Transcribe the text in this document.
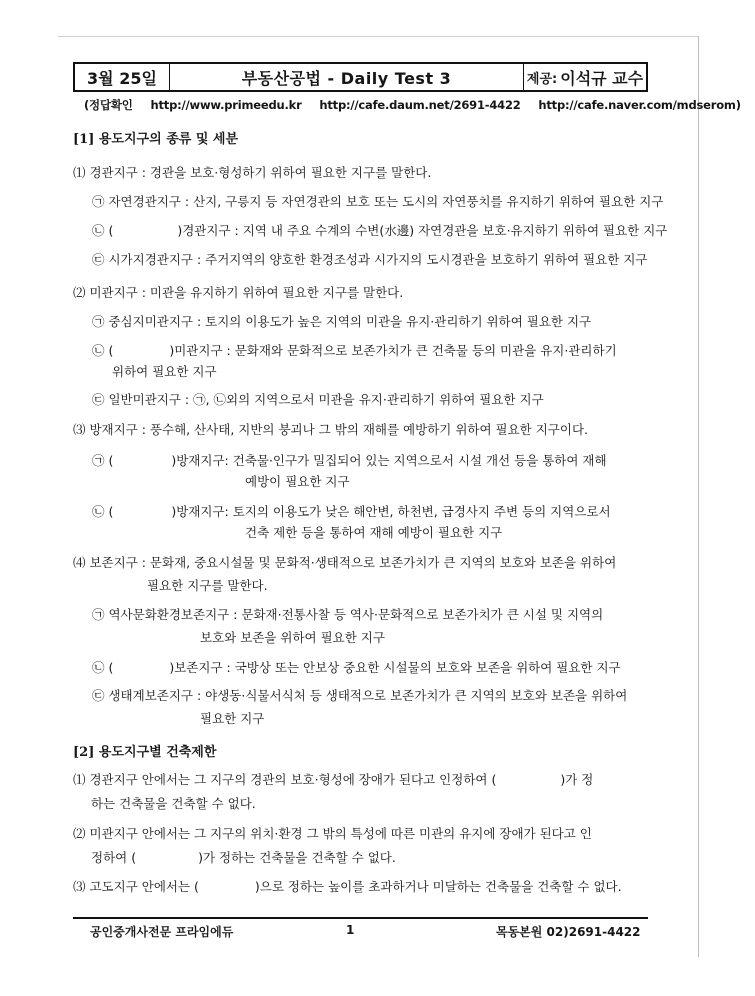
3월 25일	부동산공법 - Daily Test 3	제공: 이석규 교수
(정답확인 http://www.primeedu.kr http://cafe.daum.net/2691-4422 http://cafe.naver.com/mdserom)
[1] 용도지구의 종류 및 세분
⑴ 경관지구 : 경관을 보호·형성하기 위하여 필요한 지구를 말한다.
㉠ 자연경관지구 : 산지, 구릉지 등 자연경관의 보호 또는 도시의 자연풍치를 유지하기 위하여 필요한 지구
㉡ (	)경관지구 : 지역 내 주요 수계의 수변(水邊) 자연경관을 보호·유지하기 위하여 필요한 지구
㉢ 시가지경관지구 : 주거지역의 양호한 환경조성과 시가지의 도시경관을 보호하기 위하여 필요한 지구
⑵ 미관지구 : 미관을 유지하기 위하여 필요한 지구를 말한다.
㉠ 중심지미관지구 : 토지의 이용도가 높은 지역의 미관을 유지·관리하기 위하여 필요한 지구
㉡ (	)미관지구 : 문화재와 문화적으로 보존가치가 큰 건축물 등의 미관을 유지·관리하기
위하여 필요한 지구
㉢ 일반미관지구 : ㉠, ㉡외의 지역으로서 미관을 유지·관리하기 위하여 필요한 지구
⑶ 방재지구 : 풍수해, 산사태, 지반의 붕괴나 그 밖의 재해를 예방하기 위하여 필요한 지구이다.
㉠ (	)방재지구: 건축물·인구가 밀집되어 있는 지역으로서 시설 개선 등을 통하여 재해
예방이 필요한 지구
㉡ (	)방재지구: 토지의 이용도가 낮은 해안변, 하천변, 급경사지 주변 등의 지역으로서
건축 제한 등을 통하여 재해 예방이 필요한 지구
⑷ 보존지구 : 문화재, 중요시설물 및 문화적·생태적으로 보존가치가 큰 지역의 보호와 보존을 위하여
필요한 지구를 말한다.
㉠ 역사문화환경보존지구 : 문화재·전통사찰 등 역사·문화적으로 보존가치가 큰 시설 및 지역의
보호와 보존을 위하여 필요한 지구
㉡ (	)보존지구 : 국방상 또는 안보상 중요한 시설물의 보호와 보존을 위하여 필요한 지구
㉢ 생태계보존지구 : 야생동·식물서식처 등 생태적으로 보존가치가 큰 지역의 보호와 보존을 위하여
필요한 지구
[2] 용도지구별 건축제한
⑴ 경관지구 안에서는 그 지구의 경관의 보호·형성에 장애가 된다고 인정하여 (	)가 정
하는 건축물을 건축할 수 없다.
⑵ 미관지구 안에서는 그 지구의 위치·환경 그 밖의 특성에 따른 미관의 유지에 장애가 된다고 인
정하여 (	)가 정하는 건축물을 건축할 수 없다.
⑶ 고도지구 안에서는 (	)으로 정하는 높이를 초과하거나 미달하는 건축물을 건축할 수 없다.
공인중개사전문 프라임에듀	1	목동본원 02)2691-4422
